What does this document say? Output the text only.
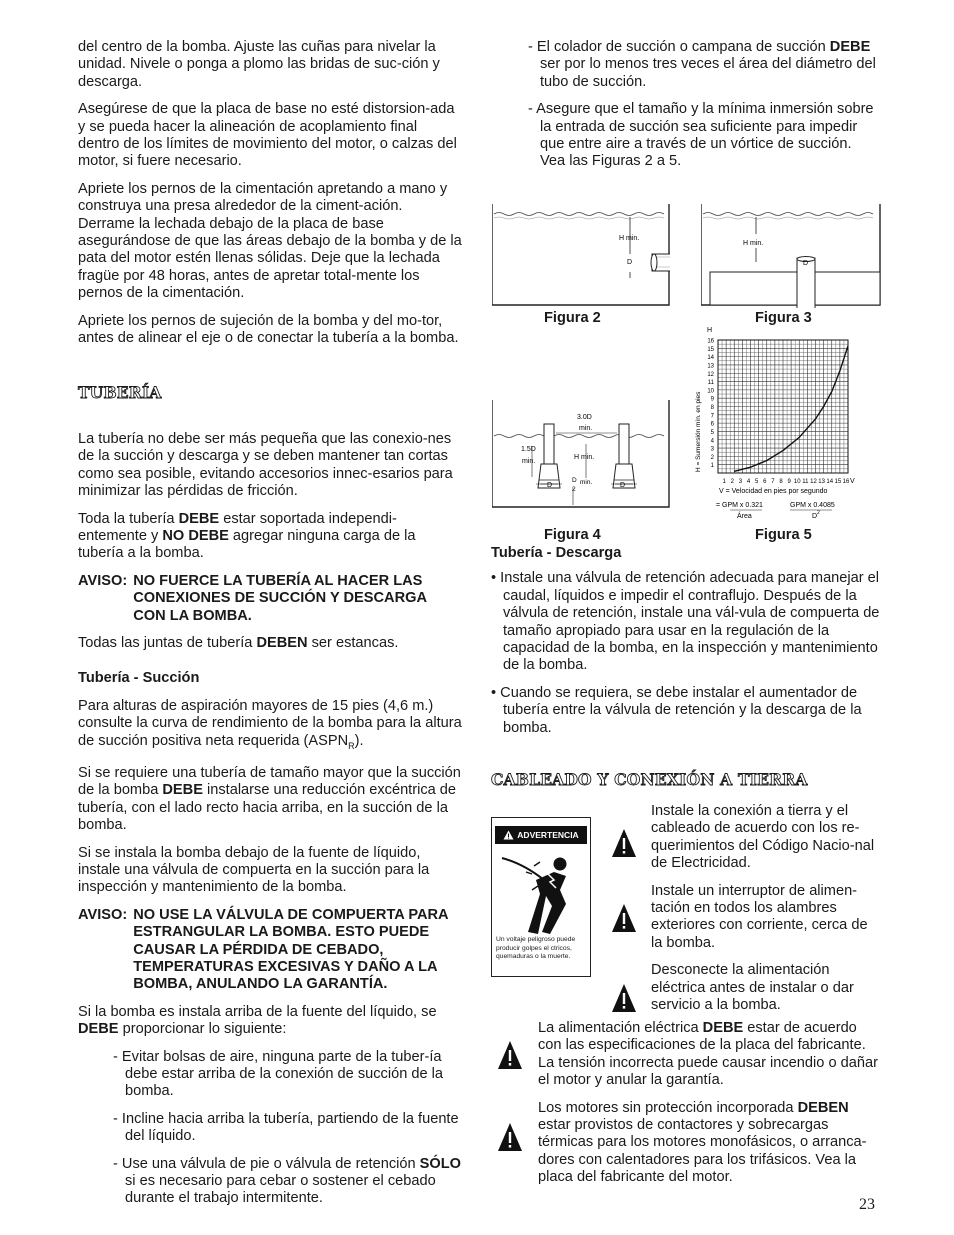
del centro de la bomba. Ajuste las cuñas para nivelar la unidad. Nivele o ponga a plomo las bridas de suc-ción y descarga.

Asegúrese de que la placa de base no esté distorsion-ada y se pueda hacer la alineación de acoplamiento final dentro de los límites de movimiento del motor, o calzas del motor, si fuere necesario.

Apriete los pernos de la cimentación apretando a mano y construya una presa alrededor de la ciment-ación. Derrame la lechada debajo de la placa de base asegurándose de que las áreas debajo de la bomba y de la pata del motor estén llenas sólidas. Deje que la lechada fragüe por 48 horas, antes de apretar total-mente los pernos de la cimentación.

Apriete los pernos de sujeción de la bomba y del mo-tor, antes de alinear el eje o de conectar la tubería a la bomba.

TUBERÍA

La tubería no debe ser más pequeña que las conexio-nes de la succión y descarga y se deben mantener tan cortas como sea posible, evitando accesorios innec-esarios para minimizar las pérdidas de fricción.

Toda la tubería DEBE estar soportada independi-entemente y NO DEBE agregar ninguna carga de la tubería a la bomba.

AVISO: NO FUERCE LA TUBERÍA AL HACER LAS CONEXIONES DE SUCCIÓN Y DESCARGA CON LA BOMBA.

Todas las juntas de tubería DEBEN ser estancas.

Tubería - Succión

Para alturas de aspiración mayores de 15 pies (4,6 m.) consulte la curva de rendimiento de la bomba para la altura de succión positiva neta requerida $(ASPN_R)$.

Si se requiere una tubería de tamaño mayor que la succión de la bomba DEBE instalarse una reducción excéntrica de tubería, con el lado recto hacia arriba, en la succión de la bomba.

Si se instala la bomba debajo de la fuente de líquido, instale una válvula de compuerta en la succión para la inspección y mantenimiento de la bomba.

AVISO: NO USE LA VÁLVULA DE COMPUERTA PARA ESTRANGULAR LA BOMBA. ESTO PUEDE CAUSAR LA PÉRDIDA DE CEBADO, TEMPERATURAS EXCESIVAS Y DAÑO A LA BOMBA, ANULANDO LA GARANTÍA.

Si la bomba es instala arriba de la fuente del líquido, se DEBE proporcionar lo siguiente:

- Evitar bolsas de aire, ninguna parte de la tuber-ía debe estar arriba de la conexión de succión de la bomba.

- Incline hacia arriba la tubería, partiendo de la fuente del líquido.

- Use una válvula de pie o válvula de retención SÓLO si es necesario para cebar o sostener el cebado durante el trabajo intermitente.

- El colador de succión o campana de succión DEBE ser por lo menos tres veces el área del diámetro del tubo de succión.

- Asegure que el tamaño y la mínima inmersión sobre la entrada de succión sea suficiente para impedir que entre aire a través de un vórtice de succión. Vea las Figuras 2 a 5.

H min.
D
H min.
D
Figura 2	Figura 3
3.0D
min.
1.5D
min.
H min.
D	D
D
2
min.
H
V
H = Sumersión mín. en pies
V = Velocidad en pies por segundo
= GPM x 0.321
Área
GPM x 0.4085
D 2
1
2
3
4
5
6
7
8
9
10
11
12
13
14
15
16
1 2 3 4 5 6 7 8 9 10 11 12 13 14 15 16
Figura 4	Figura 5

Tubería - Descarga

• Instale una válvula de retención adecuada para manejar el caudal, líquidos e impedir el contraflujo. Después de la válvula de retención, instale una vál-vula de compuerta de tamaño apropiado para usar en la regulación de la capacidad de la bomba, en la inspección y mantenimiento de la bomba.

• Cuando se requiera, se debe instalar el aumentador de tubería entre la válvula de retención y la descarga de la bomba.

CABLEADO Y CONEXIÓN A TIERRA

ADVERTENCIA
Un voltaje peligroso puede producir golpes el ctricos, quemaduras o la muerte.

Instale la conexión a tierra y el cableado de acuerdo con los re-querimientos del Código Nacio-nal de Electricidad.

Instale un interruptor de alimen-tación en todos los alambres exteriores con corriente, cerca de la bomba.

Desconecte la alimentación eléctrica antes de instalar o dar servicio a la bomba.

La alimentación eléctrica DEBE estar de acuerdo con las especificaciones de la placa del fabricante. La tensión incorrecta puede causar incendio o dañar el motor y anular la garantía.

Los motores sin protección incorporada DEBEN estar provistos de contactores y sobrecargas térmicas para los motores monofásicos, o arranca-dores con calentadores para los trifásicos. Vea la placa del fabricante del motor.

23
